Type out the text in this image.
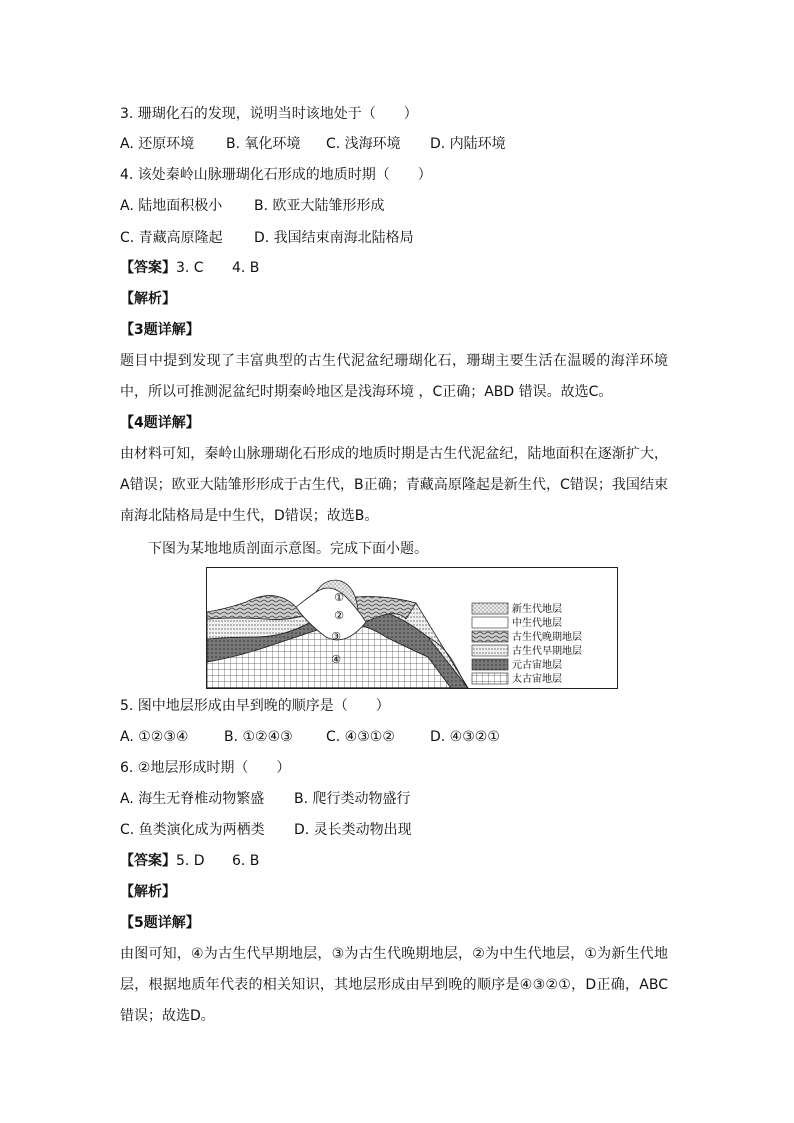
3. 珊瑚化石的发现，说明当时该地处于（　　）
A. 还原环境 B. 氧化环境 C. 浅海环境 D. 内陆环境
4. 该处秦岭山脉珊瑚化石形成的地质时期（　　）
A. 陆地面积极小 B. 欧亚大陆雏形形成
C. 青藏高原隆起 D. 我国结束南海北陆格局
【答案】3. C 4. B
【解析】
【3题详解】
题目中提到发现了丰富典型的古生代泥盆纪珊瑚化石，珊瑚主要生活在温暖的海洋环境中，所以可推测泥盆纪时期秦岭地区是浅海环境 ，C正确；ABD 错误。故选C。
【4题详解】
由材料可知，秦岭山脉珊瑚化石形成的地质时期是古生代泥盆纪，陆地面积在逐渐扩大，A错误；欧亚大陆雏形形成于古生代，B正确；青藏高原隆起是新生代，C错误；我国结束南海北陆格局是中生代，D错误；故选B。
下图为某地地质剖面示意图。完成下面小题。
①
②
③
④
新生代地层
中生代地层
古生代晚期地层
古生代早期地层
元古宙地层
太古宙地层
5. 图中地层形成由早到晚的顺序是（　　）
A. ①②③④	B. ①②④③ C. ④③①②	D. ④③②①
6. ②地层形成时期（　　）
A. 海生无脊椎动物繁盛 B. 爬行类动物盛行
C. 鱼类演化成为两栖类 D. 灵长类动物出现
【答案】5. D 6. B
【解析】
【5题详解】
由图可知，④为古生代早期地层，③为古生代晚期地层，②为中生代地层，①为新生代地层，根据地质年代表的相关知识，其地层形成由早到晚的顺序是④③②①，D正确，ABC错误；故选D。
